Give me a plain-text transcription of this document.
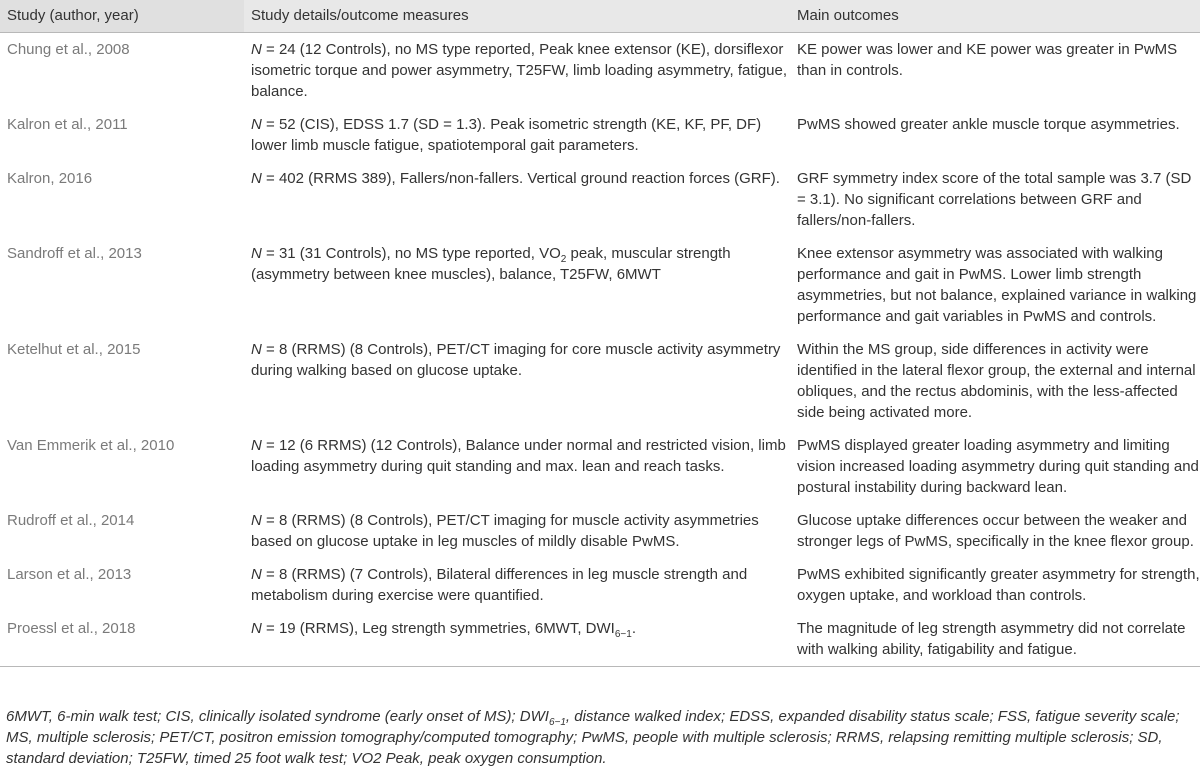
Study (author, year)	Study details/outcome measures	Main outcomes
Chung et al., 2008	N = 24 (12 Controls), no MS type reported, Peak knee extensor (KE), dorsiflexor isometric torque and power asymmetry, T25FW, limb loading asymmetry, fatigue, balance.	KE power was lower and KE power was greater in PwMS than in controls.
Kalron et al., 2011	N = 52 (CIS), EDSS 1.7 (SD = 1.3). Peak isometric strength (KE, KF, PF, DF) lower limb muscle fatigue, spatiotemporal gait parameters.	PwMS showed greater ankle muscle torque asymmetries.
Kalron, 2016	N = 402 (RRMS 389), Fallers/non-fallers. Vertical ground reaction forces (GRF).	GRF symmetry index score of the total sample was 3.7 (SD = 3.1). No significant correlations between GRF and fallers/non-fallers.
Sandroff et al., 2013	N = 31 (31 Controls), no MS type reported, $VO_2$ peak, muscular strength (asymmetry between knee muscles), balance, T25FW, 6MWT	Knee extensor asymmetry was associated with walking performance and gait in PwMS. Lower limb strength asymmetries, but not balance, explained variance in walking performance and gait variables in PwMS and controls.
Ketelhut et al., 2015	N = 8 (RRMS) (8 Controls), PET/CT imaging for core muscle activity asymmetry during walking based on glucose uptake.	Within the MS group, side differences in activity were identified in the lateral flexor group, the external and internal obliques, and the rectus abdominis, with the less-affected side being activated more.
Van Emmerik et al., 2010	N = 12 (6 RRMS) (12 Controls), Balance under normal and restricted vision, limb loading asymmetry during quit standing and max. lean and reach tasks.	PwMS displayed greater loading asymmetry and limiting vision increased loading asymmetry during quit standing and postural instability during backward lean.
Rudroff et al., 2014	N = 8 (RRMS) (8 Controls), PET/CT imaging for muscle activity asymmetries based on glucose uptake in leg muscles of mildly disable PwMS.	Glucose uptake differences occur between the weaker and stronger legs of PwMS, specifically in the knee flexor group.
Larson et al., 2013	N = 8 (RRMS) (7 Controls), Bilateral differences in leg muscle strength and metabolism during exercise were quantified.	PwMS exhibited significantly greater asymmetry for strength, oxygen uptake, and workload than controls.
Proessl et al., 2018	N = 19 (RRMS), Leg strength symmetries, 6MWT, $DWI_{6-1}$.	The magnitude of leg strength asymmetry did not correlate with walking ability, fatigability and fatigue.
6MWT, 6-min walk test; CIS, clinically isolated syndrome (early onset of MS); $DWI_{6-1}$, distance walked index; EDSS, expanded disability status scale; FSS, fatigue severity scale; MS, multiple sclerosis; PET/CT, positron emission tomography/computed tomography; PwMS, people with multiple sclerosis; RRMS, relapsing remitting multiple sclerosis; SD, standard deviation; T25FW, timed 25 foot walk test; VO2 Peak, peak oxygen consumption.
